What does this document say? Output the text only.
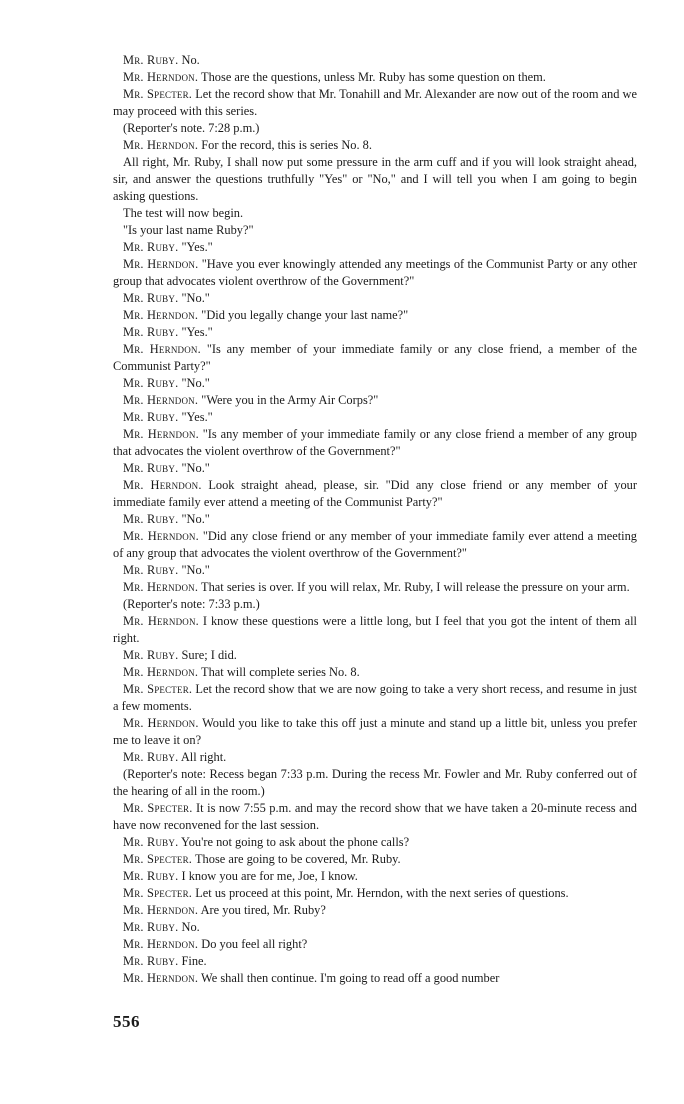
Mr. Ruby. No.

Mr. Herndon. Those are the questions, unless Mr. Ruby has some question on them.

Mr. Specter. Let the record show that Mr. Tonahill and Mr. Alexander are now out of the room and we may proceed with this series.

(Reporter's note. 7:28 p.m.)

Mr. Herndon. For the record, this is series No. 8.

All right, Mr. Ruby, I shall now put some pressure in the arm cuff and if you will look straight ahead, sir, and answer the questions truthfully "Yes" or "No," and I will tell you when I am going to begin asking questions.

The test will now begin.

"Is your last name Ruby?"

Mr. Ruby. "Yes."

Mr. Herndon. "Have you ever knowingly attended any meetings of the Communist Party or any other group that advocates violent overthrow of the Government?"

Mr. Ruby. "No."

Mr. Herndon. "Did you legally change your last name?"

Mr. Ruby. "Yes."

Mr. Herndon. "Is any member of your immediate family or any close friend, a member of the Communist Party?"

Mr. Ruby. "No."

Mr. Herndon. "Were you in the Army Air Corps?"

Mr. Ruby. "Yes."

Mr. Herndon. "Is any member of your immediate family or any close friend a member of any group that advocates the violent overthrow of the Government?"

Mr. Ruby. "No."

Mr. Herndon. Look straight ahead, please, sir. "Did any close friend or any member of your immediate family ever attend a meeting of the Communist Party?"

Mr. Ruby. "No."

Mr. Herndon. "Did any close friend or any member of your immediate family ever attend a meeting of any group that advocates the violent overthrow of the Government?"

Mr. Ruby. "No."

Mr. Herndon. That series is over. If you will relax, Mr. Ruby, I will release the pressure on your arm.

(Reporter's note: 7:33 p.m.)

Mr. Herndon. I know these questions were a little long, but I feel that you got the intent of them all right.

Mr. Ruby. Sure; I did.

Mr. Herndon. That will complete series No. 8.

Mr. Specter. Let the record show that we are now going to take a very short recess, and resume in just a few moments.

Mr. Herndon. Would you like to take this off just a minute and stand up a little bit, unless you prefer me to leave it on?

Mr. Ruby. All right.

(Reporter's note: Recess began 7:33 p.m. During the recess Mr. Fowler and Mr. Ruby conferred out of the hearing of all in the room.)

Mr. Specter. It is now 7:55 p.m. and may the record show that we have taken a 20-minute recess and have now reconvened for the last session.

Mr. Ruby. You're not going to ask about the phone calls?

Mr. Specter. Those are going to be covered, Mr. Ruby.

Mr. Ruby. I know you are for me, Joe, I know.

Mr. Specter. Let us proceed at this point, Mr. Herndon, with the next series of questions.

Mr. Herndon. Are you tired, Mr. Ruby?

Mr. Ruby. No.

Mr. Herndon. Do you feel all right?

Mr. Ruby. Fine.

Mr. Herndon. We shall then continue. I'm going to read off a good number

556
